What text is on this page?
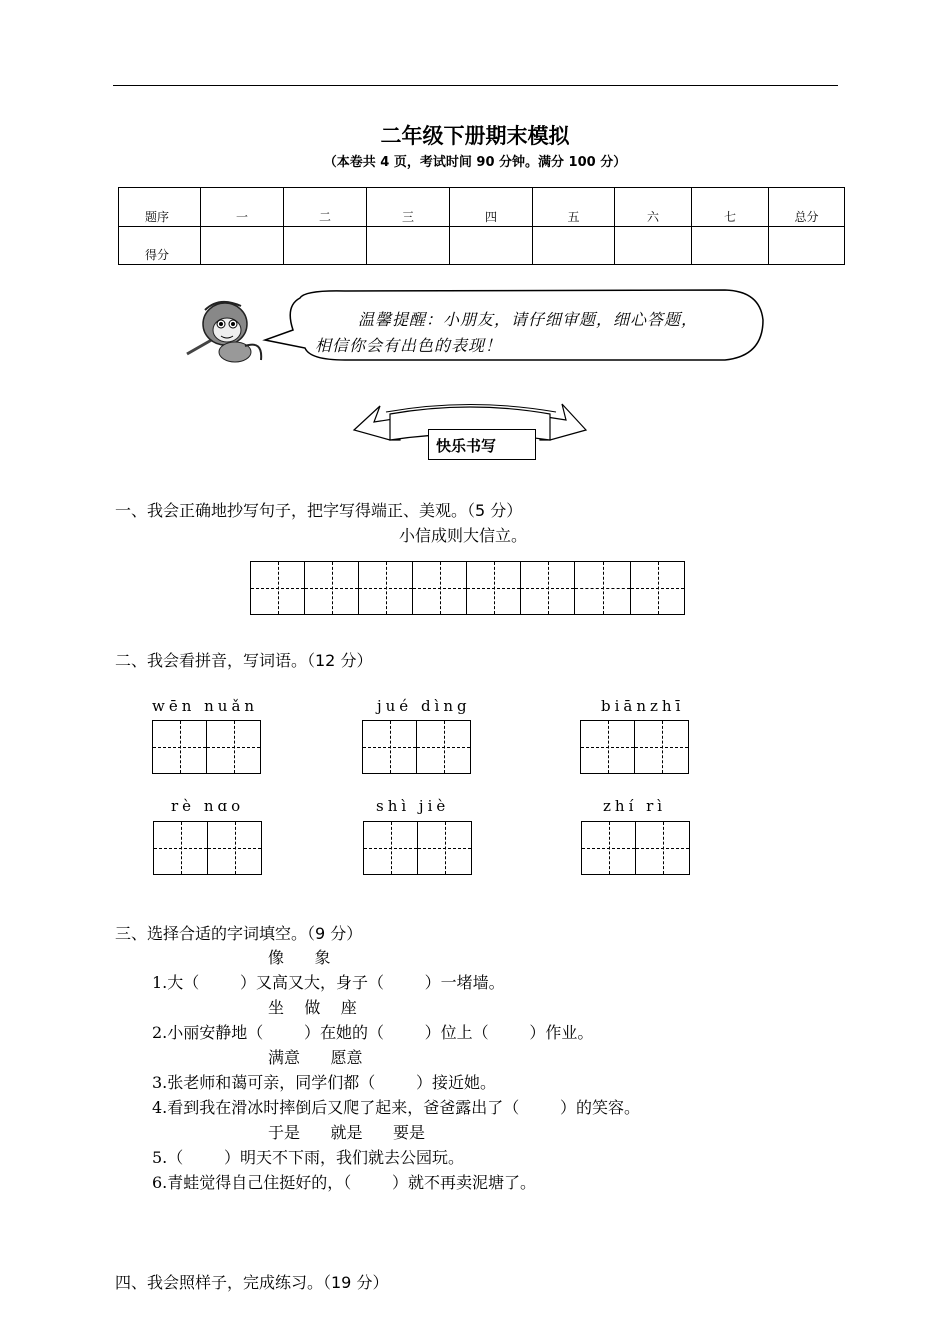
二年级下册期末模拟
（本卷共 4 页，考试时间 90 分钟。满分 100 分）
题序	一	二	三	四	五	六	七	总分
得分								
温馨提醒：小朋友，请仔细审题，细心答题，
相信你会有出色的表现！
快乐书写
一、我会正确地抄写句子，把字写得端正、美观。（5 分）
小信成则大信立。
二、我会看拼音，写词语。（12 分）
wēn nuǎn	jué dìng	biānzhī
rè nɑo	shì jiè	zhí rì
三、选择合适的字词填空。（9 分）
像      象
1.大（        ）又高又大，身子（        ）一堵墙。
坐    做    座
2.小丽安静地（        ）在她的（        ）位上（        ）作业。
满意      愿意
3.张老师和蔼可亲，同学们都（        ）接近她。
4.看到我在滑冰时摔倒后又爬了起来，爸爸露出了（        ）的笑容。
于是      就是      要是
5.（        ）明天不下雨，我们就去公园玩。
6.青蛙觉得自己住挺好的，（        ）就不再卖泥塘了。
四、我会照样子，完成练习。（19 分）
